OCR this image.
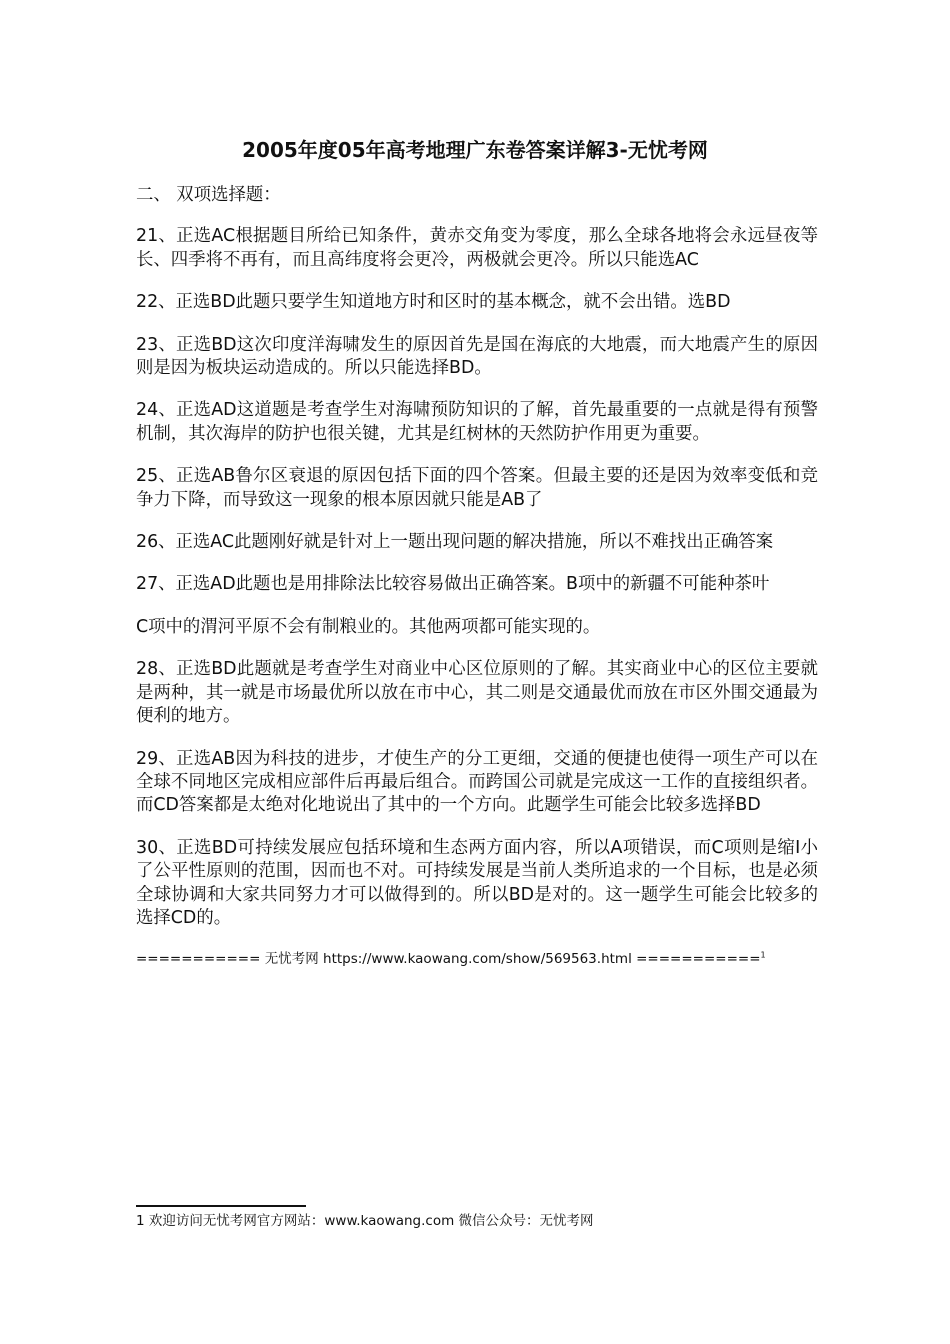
2005年度05年高考地理广东卷答案详解3-无忧考网

二、 双项选择题：

21、正选AC根据题目所给已知条件，黄赤交角变为零度，那么全球各地将会永远昼夜等长、四季将不再有，而且高纬度将会更冷，两极就会更冷。所以只能选AC

22、正选BD此题只要学生知道地方时和区时的基本概念，就不会出错。选BD

23、正选BD这次印度洋海啸发生的原因首先是国在海底的大地震，而大地震产生的原因则是因为板块运动造成的。所以只能选择BD。

24、正选AD这道题是考查学生对海啸预防知识的了解，首先最重要的一点就是得有预警机制，其次海岸的防护也很关键，尤其是红树林的天然防护作用更为重要。

25、正选AB鲁尔区衰退的原因包括下面的四个答案。但最主要的还是因为效率变低和竞争力下降，而导致这一现象的根本原因就只能是AB了

26、正选AC此题刚好就是针对上一题出现问题的解决措施，所以不难找出正确答案

27、正选AD此题也是用排除法比较容易做出正确答案。B项中的新疆不可能种茶叶

C项中的渭河平原不会有制粮业的。其他两项都可能实现的。

28、正选BD此题就是考查学生对商业中心区位原则的了解。其实商业中心的区位主要就是两种，其一就是市场最优所以放在市中心，其二则是交通最优而放在市区外围交通最为便利的地方。

29、正选AB因为科技的进步，才使生产的分工更细，交通的便捷也使得一项生产可以在全球不同地区完成相应部件后再最后组合。而跨国公司就是完成这一工作的直接组织者。而CD答案都是太绝对化地说出了其中的一个方向。此题学生可能会比较多选择BD

30、正选BD可持续发展应包括环境和生态两方面内容，所以A项错误，而C项则是缩I小了公平性原则的范围，因而也不对。可持续发展是当前人类所追求的一个目标，也是必须全球协调和大家共同努力才可以做得到的。所以BD是对的。这一题学生可能会比较多的选择CD的。

=========== 无忧考网 https://www.kaowang.com/show/569563.html ===========$^1$

1 欢迎访问无忧考网官方网站：www.kaowang.com 微信公众号：无忧考网
